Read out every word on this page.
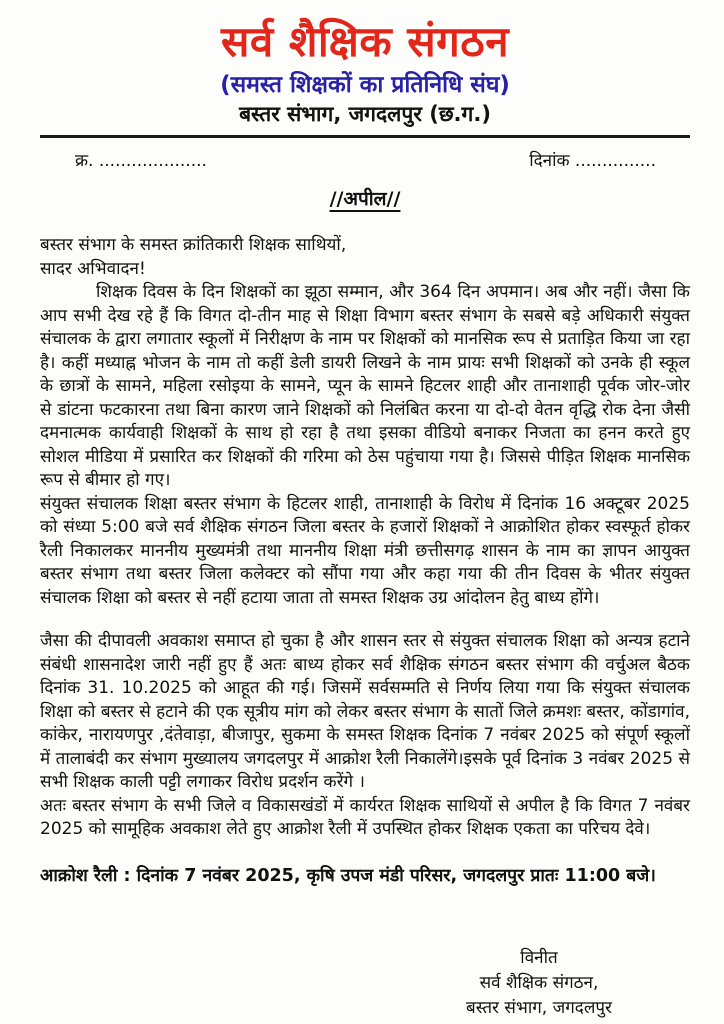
सर्व शैक्षिक संगठन
(समस्त शिक्षकों का प्रतिनिधि संघ)
बस्तर संभाग, जगदलपुर (छ.ग.)
क्र. ....................	दिनांक ...............
//अपील//
बस्तर संभाग के समस्त क्रांतिकारी शिक्षक साथियों,
सादर अभिवादन!

शिक्षक दिवस के दिन शिक्षकों का झूठा सम्मान, और 364 दिन अपमान। अब और नहीं। जैसा कि आप सभी देख रहे हैं कि विगत दो-तीन माह से शिक्षा विभाग बस्तर संभाग के सबसे बड़े अधिकारी संयुक्त संचालक के द्वारा लगातार स्कूलों में निरीक्षण के नाम पर शिक्षकों को मानसिक रूप से प्रताड़ित किया जा रहा है। कहीं मध्याह्न भोजन के नाम तो कहीं डेली डायरी लिखने के नाम प्रायः सभी शिक्षकों को उनके ही स्कूल के छात्रों के सामने, महिला रसोइया के सामने, प्यून के सामने हिटलर शाही और तानाशाही पूर्वक जोर-जोर से डांटना फटकारना तथा बिना कारण जाने शिक्षकों को निलंबित करना या दो-दो वेतन वृद्धि रोक देना जैसी दमनात्मक कार्यवाही शिक्षकों के साथ हो रहा है तथा इसका वीडियो बनाकर निजता का हनन करते हुए सोशल मीडिया में प्रसारित कर शिक्षकों की गरिमा को ठेस पहुंचाया गया है। जिससे पीड़ित शिक्षक मानसिक रूप से बीमार हो गए।

संयुक्त संचालक शिक्षा बस्तर संभाग के हिटलर शाही, तानाशाही के विरोध में दिनांक 16 अक्टूबर 2025 को संध्या 5:00 बजे सर्व शैक्षिक संगठन जिला बस्तर के हजारों शिक्षकों ने आक्रोशित होकर स्वस्फूर्त होकर रैली निकालकर माननीय मुख्यमंत्री तथा माननीय शिक्षा मंत्री छत्तीसगढ़ शासन के नाम का ज्ञापन आयुक्त बस्तर संभाग तथा बस्तर जिला कलेक्टर को सौंपा गया और कहा गया की तीन दिवस के भीतर संयुक्त संचालक शिक्षा को बस्तर से नहीं हटाया जाता तो समस्त शिक्षक उग्र आंदोलन हेतु बाध्य होंगे।

जैसा की दीपावली अवकाश समाप्त हो चुका है और शासन स्तर से संयुक्त संचालक शिक्षा को अन्यत्र हटाने संबंधी शासनादेश जारी नहीं हुए हैं अतः बाध्य होकर सर्व शैक्षिक संगठन बस्तर संभाग की वर्चुअल बैठक दिनांक 31. 10.2025 को आहूत की गई। जिसमें सर्वसम्मति से निर्णय लिया गया कि संयुक्त संचालक शिक्षा को बस्तर से हटाने की एक सूत्रीय मांग को लेकर बस्तर संभाग के सातों जिले क्रमशः बस्तर, कोंडागांव, कांकेर, नारायणपुर ,दंतेवाड़ा, बीजापुर, सुकमा के समस्त शिक्षक दिनांक 7 नवंबर 2025 को संपूर्ण स्कूलों में तालाबंदी कर संभाग मुख्यालय जगदलपुर में आक्रोश रैली निकालेंगे।इसके पूर्व दिनांक 3 नवंबर 2025 से सभी शिक्षक काली पट्टी लगाकर विरोध प्रदर्शन करेंगे ।

अतः बस्तर संभाग के सभी जिले व विकासखंडों में कार्यरत शिक्षक साथियों से अपील है कि विगत 7 नवंबर 2025 को सामूहिक अवकाश लेते हुए आक्रोश रैली में उपस्थित होकर शिक्षक एकता का परिचय देवे।

आक्रोश रैली : दिनांक 7 नवंबर 2025, कृषि उपज मंडी परिसर, जगदलपुर प्रातः 11:00 बजे।

विनीत
सर्व शैक्षिक संगठन,
बस्तर संभाग, जगदलपुर
